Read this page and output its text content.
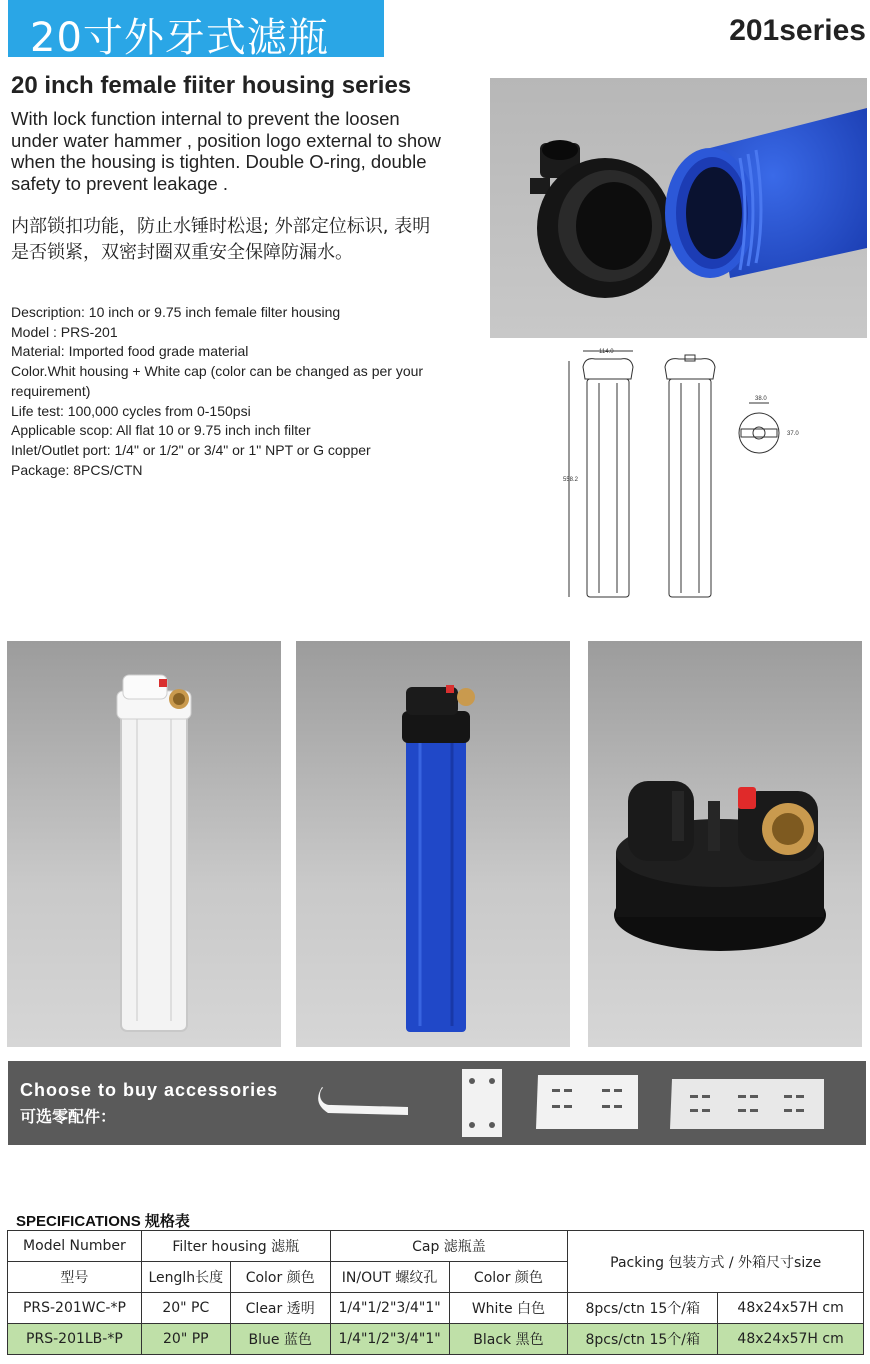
20寸外牙式滤瓶	201series
20 inch female fiiter housing series
With lock function internal to prevent the loosen under water hammer , position logo external to show when the housing is tighten. Double O-ring, double safety to prevent leakage .
内部锁扣功能，防止水锤时松退; 外部定位标识, 表明是否锁紧，双密封圈双重安全保障防漏水。
Description: 10 inch or 9.75 inch female filter housing
Model : PRS-201
Material: Imported food grade material
Color.Whit housing + White cap (color can be changed as per your requirement)
Life test: 100,000 cycles from 0-150psi
Applicable scop: All flat 10 or 9.75 inch inch filter
Inlet/Outlet port: 1/4" or 1/2" or 3/4" or 1" NPT or G copper
Package: 8PCS/CTN
114.0
558.2
38.0
37.0
Choose to buy accessories
可选零配件：
SPECIFICATIONS 规格表
Model Number	Filter housing 滤瓶		Cap 滤瓶盖		Packing 包装方式 / 外箱尺寸size	
型号	Lenglh长度	Color 颜色	IN/OUT 螺纹孔	Color 颜色		
PRS-201WC-*P	20" PC	Clear 透明	1/4"1/2"3/4"1"	White 白色	8pcs/ctn 15个/箱	48x24x57H cm
PRS-201LB-*P	20" PP	Blue 蓝色	1/4"1/2"3/4"1"	Black 黑色	8pcs/ctn 15个/箱	48x24x57H cm
